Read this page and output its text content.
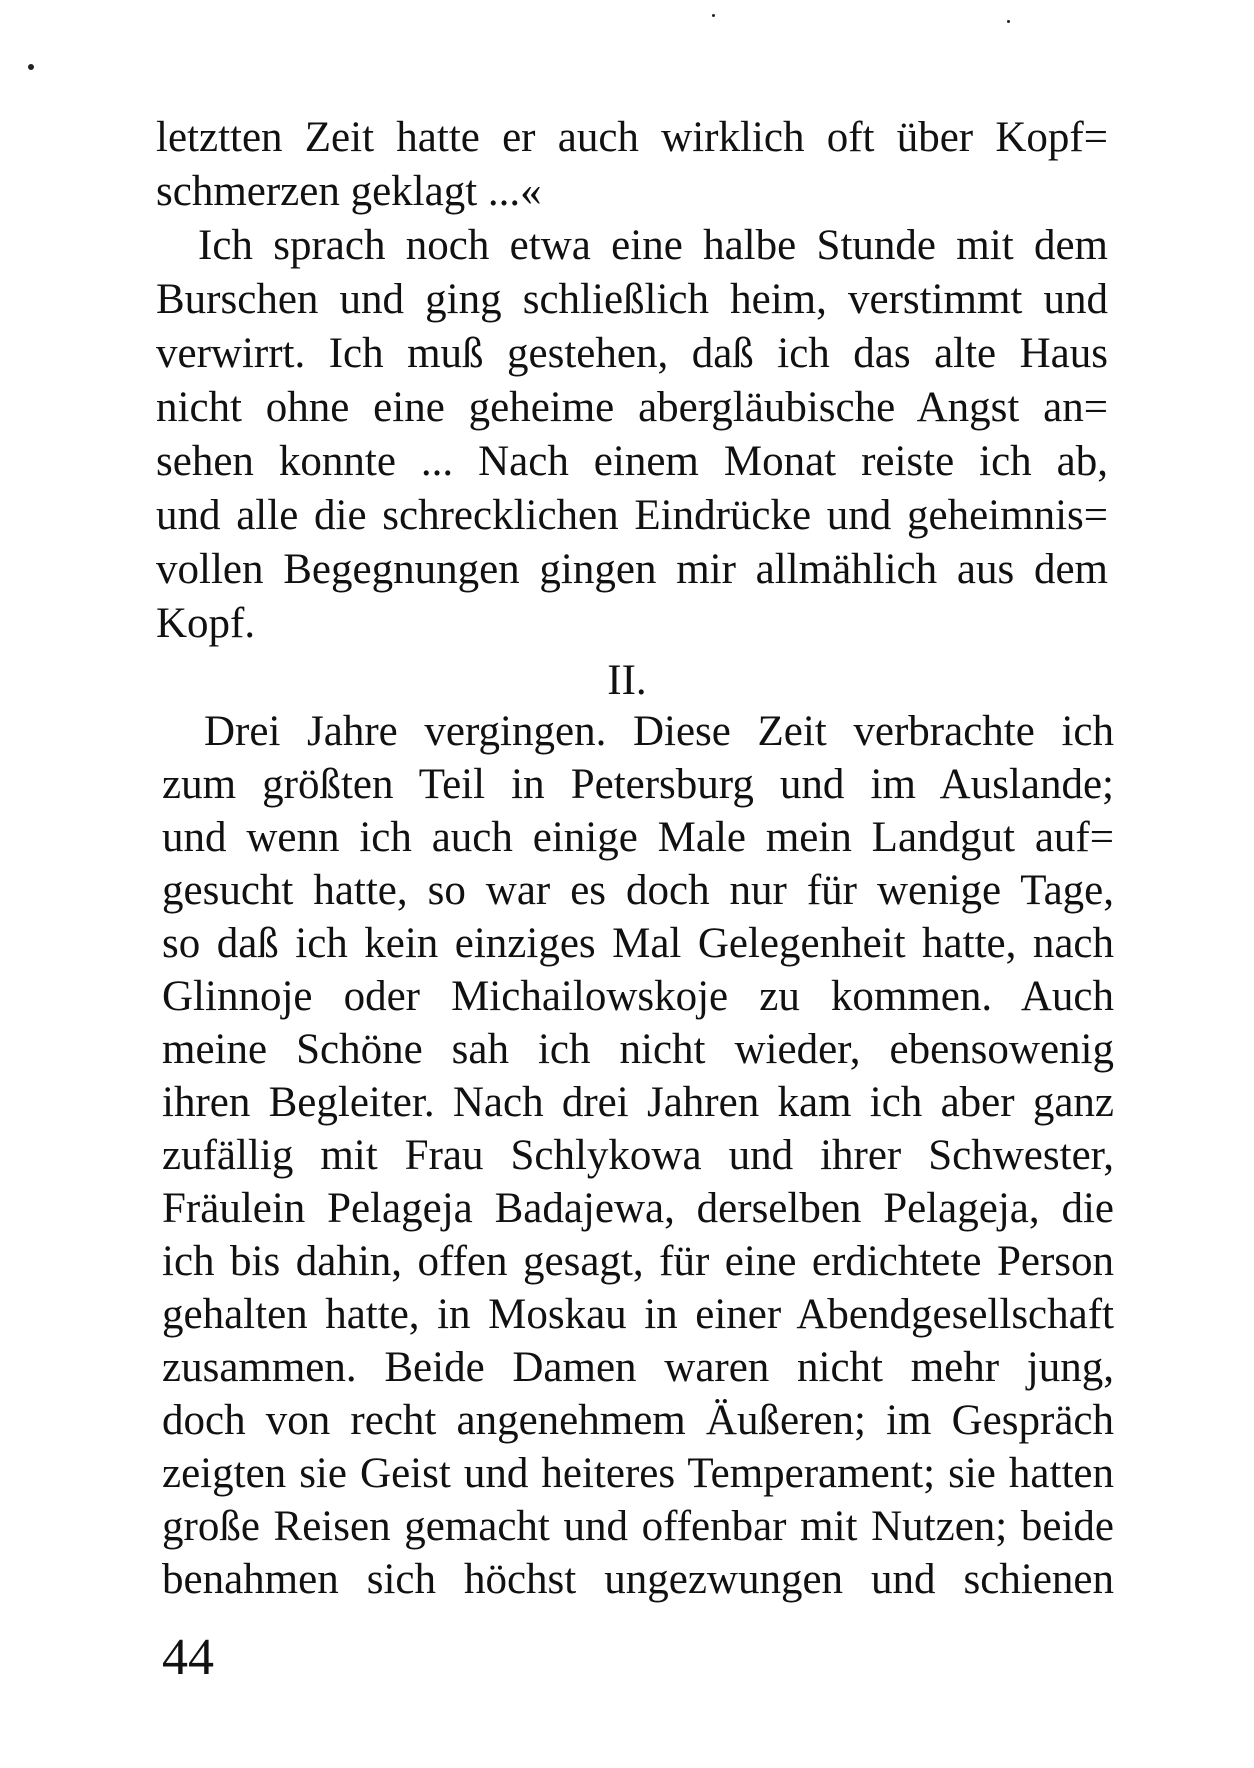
letztten Zeit hatte er auch wirklich oft über Kopf=
schmerzen geklagt ...«
Ich sprach noch etwa eine halbe Stunde mit dem
Burschen und ging schließlich heim, verstimmt und
verwirrt. Ich muß gestehen, daß ich das alte Haus
nicht ohne eine geheime abergläubische Angst an=
sehen konnte ... Nach einem Monat reiste ich ab,
und alle die schrecklichen Eindrücke und geheimnis=
vollen Begegnungen gingen mir allmählich aus dem
Kopf.
II.
Drei Jahre vergingen. Diese Zeit verbrachte ich
zum größten Teil in Petersburg und im Auslande;
und wenn ich auch einige Male mein Landgut auf=
gesucht hatte, so war es doch nur für wenige Tage,
so daß ich kein einziges Mal Gelegenheit hatte, nach
Glinnoje oder Michailowskoje zu kommen. Auch
meine Schöne sah ich nicht wieder, ebensowenig
ihren Begleiter. Nach drei Jahren kam ich aber ganz
zufällig mit Frau Schlykowa und ihrer Schwester,
Fräulein Pelageja Badajewa, derselben Pelageja, die
ich bis dahin, offen gesagt, für eine erdichtete Person
gehalten hatte, in Moskau in einer Abendgesellschaft
zusammen. Beide Damen waren nicht mehr jung,
doch von recht angenehmem Äußeren; im Gespräch
zeigten sie Geist und heiteres Temperament; sie hatten
große Reisen gemacht und offenbar mit Nutzen; beide
benahmen sich höchst ungezwungen und schienen
44
